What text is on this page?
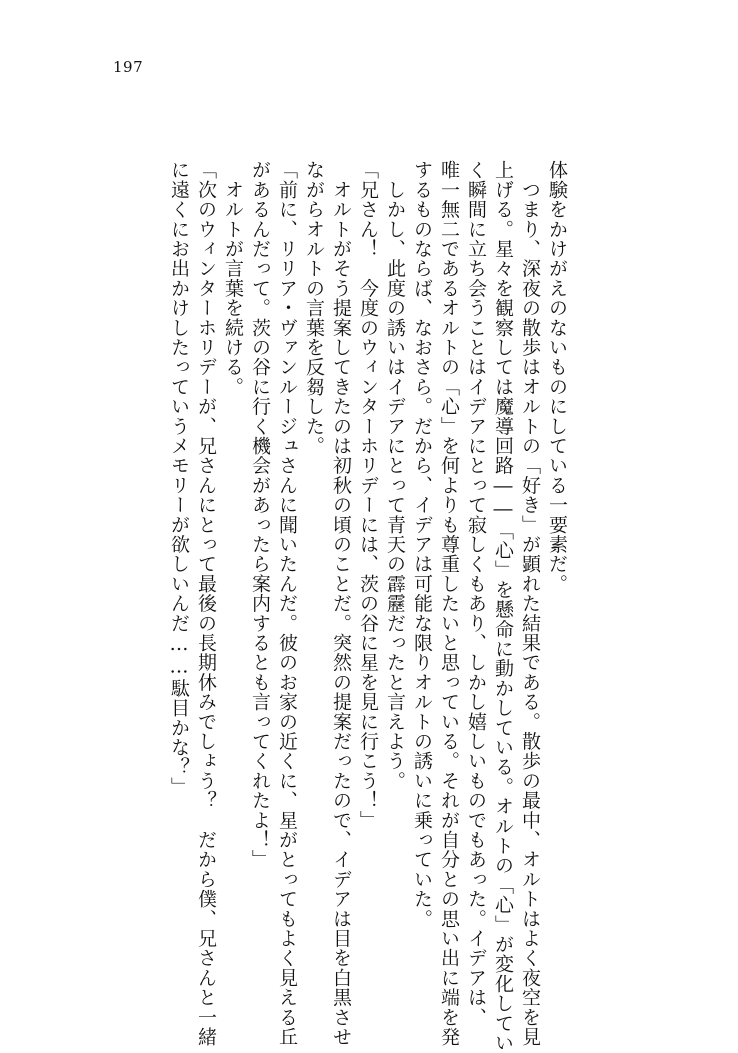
197
体験をかけがえのないものにしている一要素だ。
　つまり、深夜の散歩はオルトの「好き」が顕れた結果である。散歩の最中、オルトはよく夜空を見
上げる。星々を観察しては魔導回路――「心」を懸命に動かしている。オルトの「心」が変化してい
く瞬間に立ち会うことはイデアにとって寂しくもあり、しかし嬉しいものでもあった。イデアは、
唯一無二であるオルトの「心」を何よりも尊重したいと思っている。それが自分との思い出に端を発
するものならば、なおさら。だから、イデアは可能な限りオルトの誘いに乗っていた。
　しかし、此度の誘いはイデアにとって青天の霹靂だったと言えよう。
「兄さん！　今度のウィンターホリデーには、茨の谷に星を見に行こう！」
　オルトがそう提案してきたのは初秋の頃のことだ。突然の提案だったので、イデアは目を白黒させ
ながらオルトの言葉を反芻した。
「前に、リリア・ヴァンルージュさんに聞いたんだ。彼のお家の近くに、星がとってもよく見える丘
があるんだって。茨の谷に行く機会があったら案内するとも言ってくれたよ！」
　オルトが言葉を続ける。
「次のウィンターホリデーが、兄さんにとって最後の長期休みでしょう？　だから僕、兄さんと一緒
に遠くにお出かけしたっていうメモリーが欲しいんだ……駄目かな？」
